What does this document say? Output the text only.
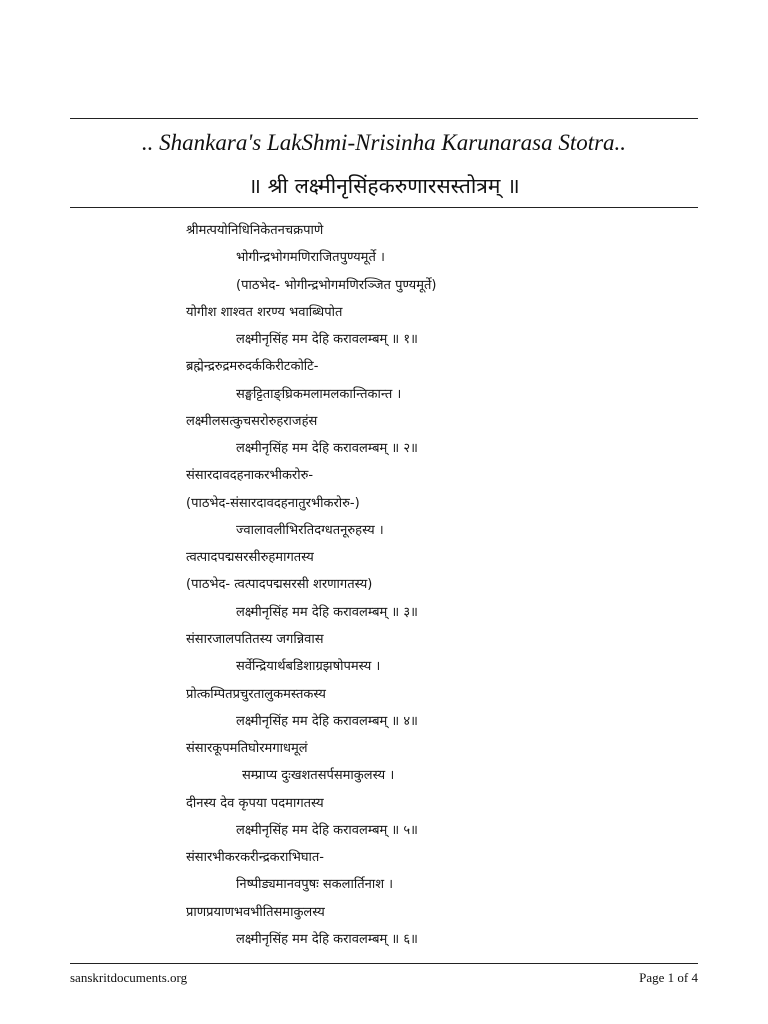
.. Shankara's LakShmi-Nrisinha Karunarasa Stotra..
॥ श्री लक्ष्मीनृसिंहकरुणारसस्तोत्रम् ॥
श्रीमत्पयोनिधिनिकेतनचक्रपाणे
भोगीन्द्रभोगमणिराजितपुण्यमूर्ते ।
(पाठभेद- भोगीन्द्रभोगमणिरञ्जित पुण्यमूर्ते)
योगीश शाश्वत शरण्य भवाब्धिपोत
लक्ष्मीनृसिंह मम देहि करावलम्बम् ॥ १॥
ब्रह्मेन्द्ररुद्रमरुदर्ककिरीटकोटि-
सङ्घट्टिताङ्घ्रिकमलामलकान्तिकान्त ।
लक्ष्मीलसत्कुचसरोरुहराजहंस
लक्ष्मीनृसिंह मम देहि करावलम्बम् ॥ २॥
संसारदावदहनाकरभीकरोरु-
(पाठभेद-संसारदावदहनातुरभीकरोरु-)
ज्वालावलीभिरतिदग्धतनूरुहस्य ।
त्वत्पादपद्मसरसीरुहमागतस्य
(पाठभेद- त्वत्पादपद्मसरसी शरणागतस्य)
लक्ष्मीनृसिंह मम देहि करावलम्बम् ॥ ३॥
संसारजालपतितस्य जगन्निवास
सर्वेन्द्रियार्थबडिशाग्रझषोपमस्य ।
प्रोत्कम्पितप्रचुरतालुकमस्तकस्य
लक्ष्मीनृसिंह मम देहि करावलम्बम् ॥ ४॥
संसारकूपमतिघोरमगाधमूलं
सम्प्राप्य दुःखशतसर्पसमाकुलस्य ।
दीनस्य देव कृपया पदमागतस्य
लक्ष्मीनृसिंह मम देहि करावलम्बम् ॥ ५॥
संसारभीकरकरीन्द्रकराभिघात-
निष्पीड्यमानवपुषः सकलार्तिनाश ।
प्राणप्रयाणभवभीतिसमाकुलस्य
लक्ष्मीनृसिंह मम देहि करावलम्बम् ॥ ६॥
sanskritdocuments.org	Page 1 of 4
